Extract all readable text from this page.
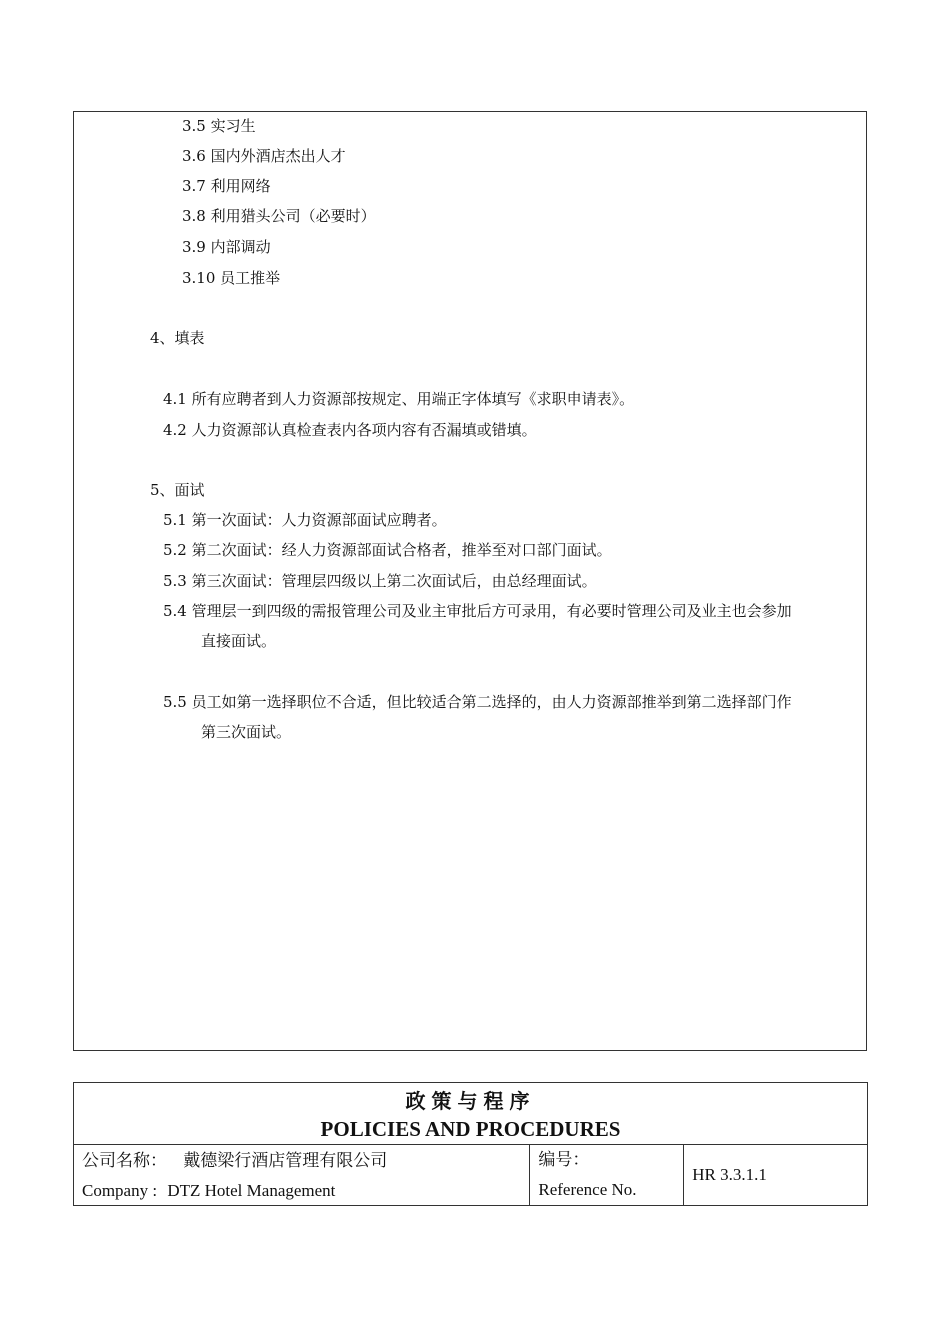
3.5 实习生
3.6 国内外酒店杰出人才
3.7 利用网络
3.8 利用猎头公司（必要时）
3.9 内部调动
3.10 员工推举
4、填表
4.1 所有应聘者到人力资源部按规定、用端正字体填写《求职申请表》。
4.2 人力资源部认真检查表内各项内容有否漏填或错填。
5、面试
5.1 第一次面试：人力资源部面试应聘者。
5.2 第二次面试：经人力资源部面试合格者，推举至对口部门面试。
5.3 第三次面试：管理层四级以上第二次面试后，由总经理面试。
5.4 管理层一到四级的需报管理公司及业主审批后方可录用，有必要时管理公司及业主也会参加
直接面试。
5.5 员工如第一选择职位不合适，但比较适合第二选择的，由人力资源部推举到第二选择部门作
第三次面试。
政策与程序
POLICIES AND PROCEDURES

公司名称： 戴德梁行酒店管理有限公司
Company : DTZ Hotel Management

编号：
Reference No.
	HR 3.3.1.1
